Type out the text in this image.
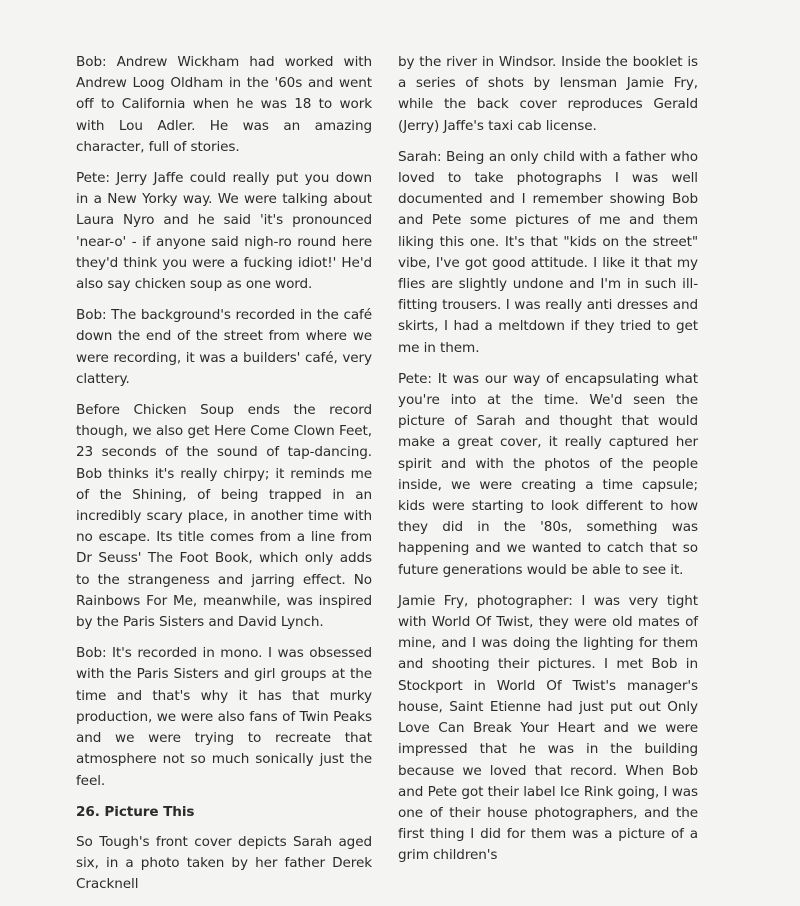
Bob: Andrew Wickham had worked with Andrew Loog Oldham in the '60s and went off to California when he was 18 to work with Lou Adler. He was an amazing character, full of stories.

Pete: Jerry Jaffe could really put you down in a New Yorky way. We were talking about Laura Nyro and he said 'it's pronounced 'near-o' - if anyone said nigh-ro round here they'd think you were a fucking idiot!' He'd also say chicken soup as one word.

Bob: The background's recorded in the café down the end of the street from where we were recording, it was a builders' café, very clattery.

Before Chicken Soup ends the record though, we also get Here Come Clown Feet, 23 seconds of the sound of tap-dancing. Bob thinks it's really chirpy; it reminds me of the Shining, of being trapped in an incredibly scary place, in another time with no escape. Its title comes from a line from Dr Seuss' The Foot Book, which only adds to the strangeness and jarring effect. No Rainbows For Me, meanwhile, was inspired by the Paris Sisters and David Lynch.

Bob: It's recorded in mono. I was obsessed with the Paris Sisters and girl groups at the time and that's why it has that murky production, we were also fans of Twin Peaks and we were trying to recreate that atmosphere not so much sonically just the feel.

26. Picture This

So Tough's front cover depicts Sarah aged six, in a photo taken by her father Derek Cracknell

by the river in Windsor. Inside the booklet is a series of shots by lensman Jamie Fry, while the back cover reproduces Gerald (Jerry) Jaffe's taxi cab license.

Sarah: Being an only child with a father who loved to take photographs I was well documented and I remember showing Bob and Pete some pictures of me and them liking this one. It's that "kids on the street" vibe, I've got good attitude. I like it that my flies are slightly undone and I'm in such ill-fitting trousers. I was really anti dresses and skirts, I had a meltdown if they tried to get me in them.

Pete: It was our way of encapsulating what you're into at the time. We'd seen the picture of Sarah and thought that would make a great cover, it really captured her spirit and with the photos of the people inside, we were creating a time capsule; kids were starting to look different to how they did in the '80s, something was happening and we wanted to catch that so future generations would be able to see it.

Jamie Fry, photographer: I was very tight with World Of Twist, they were old mates of mine, and I was doing the lighting for them and shooting their pictures. I met Bob in Stockport in World Of Twist's manager's house, Saint Etienne had just put out Only Love Can Break Your Heart and we were impressed that he was in the building because we loved that record. When Bob and Pete got their label Ice Rink going, I was one of their house photographers, and the first thing I did for them was a picture of a grim children's
